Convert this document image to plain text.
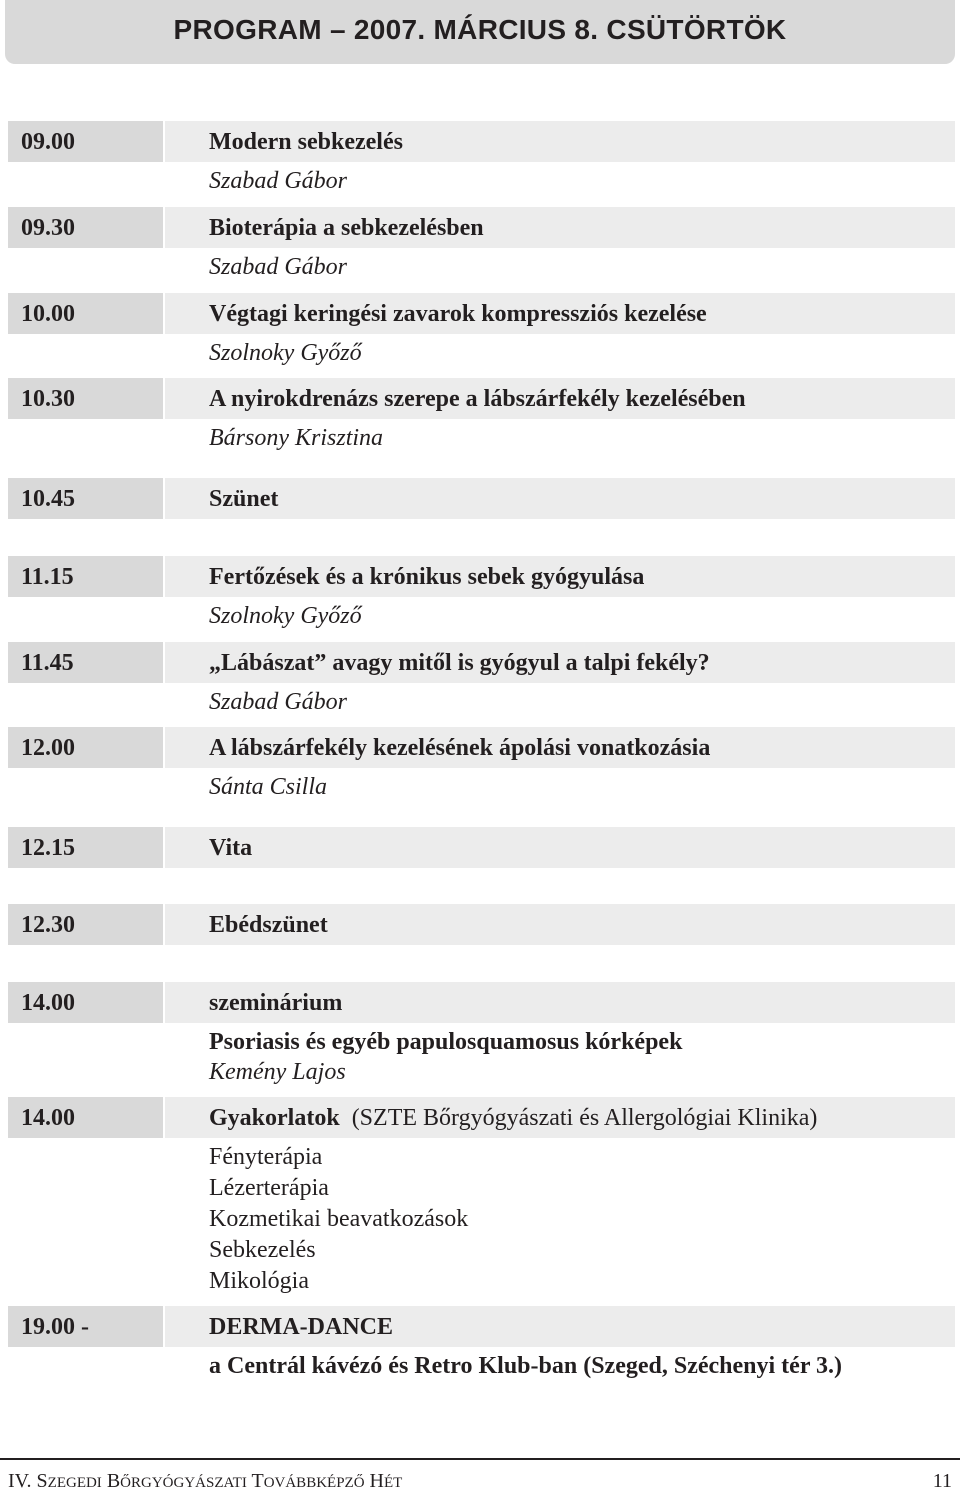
PROGRAM – 2007. MÁRCIUS 8. CSÜTÖRTÖK
09.00	Modern sebkezelés
Szabad Gábor
09.30	Bioterápia a sebkezelésben
Szabad Gábor
10.00	Végtagi keringési zavarok kompressziós kezelése
Szolnoky Győző
10.30	A nyirokdrenázs szerepe a lábszárfekély kezelésében
Bársony Krisztina
10.45	Szünet
11.15	Fertőzések és a krónikus sebek gyógyulása
Szolnoky Győző
11.45	„Lábászat” avagy mitől is gyógyul a talpi fekély?
Szabad Gábor
12.00	A lábszárfekély kezelésének ápolási vonatkozásia
Sánta Csilla
12.15	Vita
12.30	Ebédszünet
14.00	szeminárium
Psoriasis és egyéb papulosquamosus kórképek
Kemény Lajos
14.00	Gyakorlatok (SZTE Bőrgyógyászati és Allergológiai Klinika)
Fényterápia
Lézerterápia
Kozmetikai beavatkozások
Sebkezelés
Mikológia
19.00 -	DERMA-DANCE
a Centrál kávézó és Retro Klub-ban (Szeged, Széchenyi tér 3.)
IV. SZEGEDI BŐRGYÓGYÁSZATI TOVÁBBKÉPZŐ HÉT	11
